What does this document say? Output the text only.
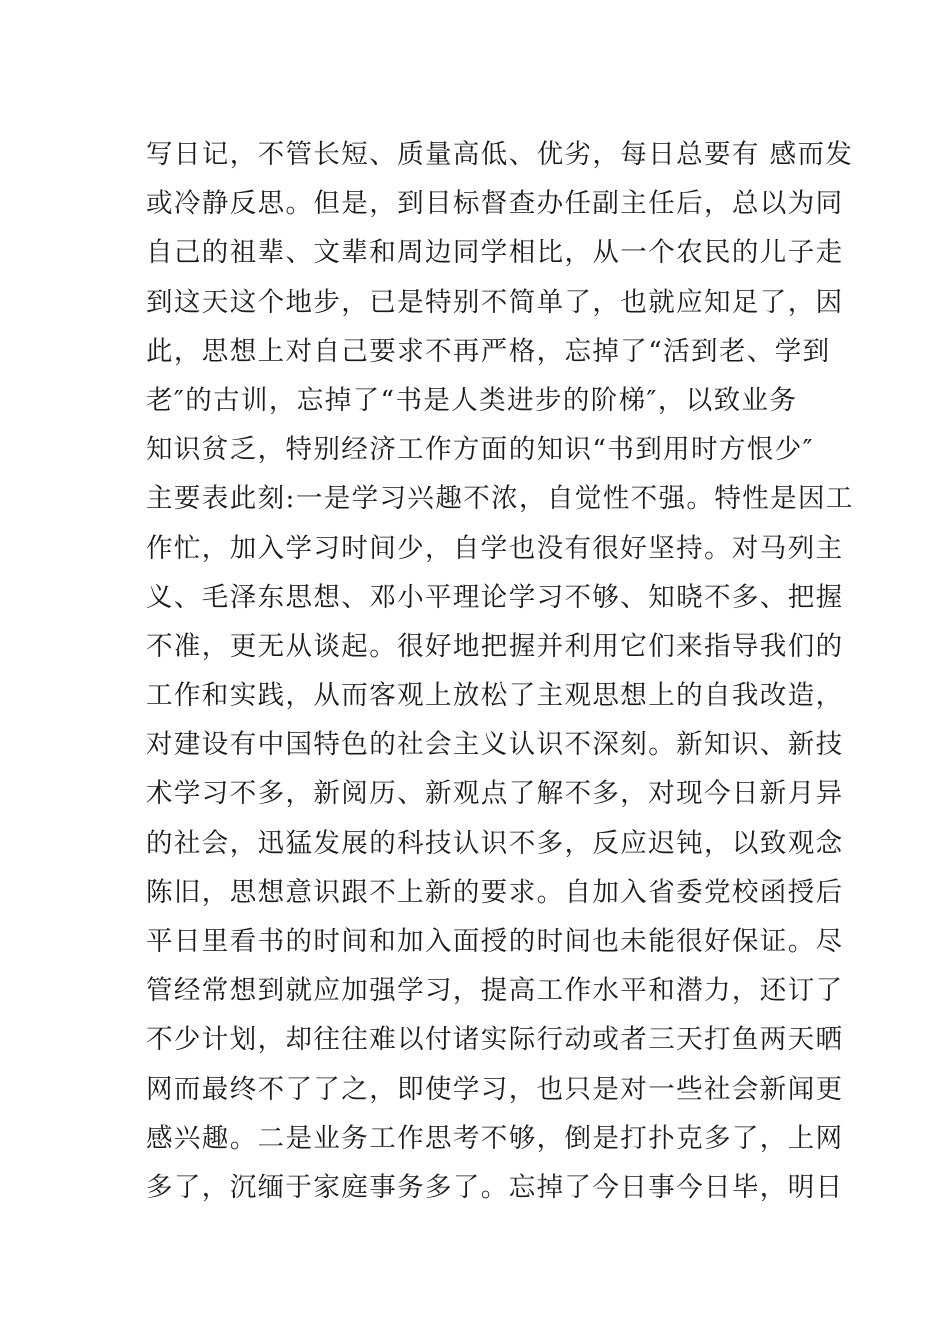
写日记，不管长短、质量高低、优劣，每日总要有 感而发
或冷静反思。但是，到目标督查办任副主任后，总以为同
自己的祖辈、文辈和周边同学相比，从一个农民的儿子走
到这天这个地步，已是特别不简单了，也就应知足了，因
此，思想上对自己要求不再严格，忘掉了“活到老、学到
老″的古训，忘掉了“书是人类进步的阶梯″，以致业务
知识贫乏，特别经济工作方面的知识“书到用时方恨少″
主要表此刻:一是学习兴趣不浓，自觉性不强。特性是因工
作忙，加入学习时间少，自学也没有很好坚持。对马列主
义、毛泽东思想、邓小平理论学习不够、知晓不多、把握
不准，更无从谈起。很好地把握并利用它们来指导我们的
工作和实践，从而客观上放松了主观思想上的自我改造，
对建设有中国特色的社会主义认识不深刻。新知识、新技
术学习不多，新阅历、新观点了解不多，对现今日新月异
的社会，迅猛发展的科技认识不多，反应迟钝，以致观念
陈旧，思想意识跟不上新的要求。自加入省委党校函授后
平日里看书的时间和加入面授的时间也未能很好保证。尽
管经常想到就应加强学习，提高工作水平和潜力，还订了
不少计划，却往往难以付诸实际行动或者三天打鱼两天晒
网而最终不了了之，即使学习，也只是对一些社会新闻更
感兴趣。二是业务工作思考不够，倒是打扑克多了，上网
多了，沉缅于家庭事务多了。忘掉了今日事今日毕，明日
